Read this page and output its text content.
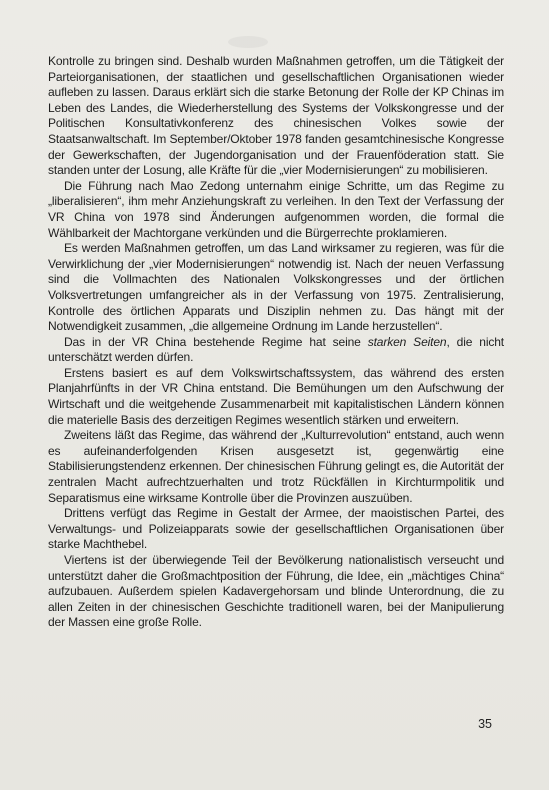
Kontrolle zu bringen sind. Deshalb wurden Maßnahmen getroffen, um die Tätigkeit der Parteiorganisationen, der staatlichen und gesellschaftlichen Organisationen wieder aufleben zu lassen. Daraus erklärt sich die starke Betonung der Rolle der KP Chinas im Leben des Landes, die Wiederherstellung des Systems der Volkskongresse und der Politischen Konsultativkonferenz des chinesischen Volkes sowie der Staatsanwaltschaft. Im September/Oktober 1978 fanden gesamtchinesische Kongresse der Gewerkschaften, der Jugendorganisation und der Frauenföderation statt. Sie standen unter der Losung, alle Kräfte für die „vier Modernisierungen“ zu mobilisieren.

Die Führung nach Mao Zedong unternahm einige Schritte, um das Regime zu „liberalisieren“, ihm mehr Anziehungskraft zu verleihen. In den Text der Verfassung der VR China von 1978 sind Änderungen aufgenommen worden, die formal die Wählbarkeit der Machtorgane verkünden und die Bürgerrechte proklamieren.

Es werden Maßnahmen getroffen, um das Land wirksamer zu regieren, was für die Verwirklichung der „vier Modernisierungen“ notwendig ist. Nach der neuen Verfassung sind die Vollmachten des Nationalen Volkskongresses und der örtlichen Volksvertretungen umfangreicher als in der Verfassung von 1975. Zentralisierung, Kontrolle des örtlichen Apparats und Disziplin nehmen zu. Das hängt mit der Notwendigkeit zusammen, „die allgemeine Ordnung im Lande herzustellen“.

Das in der VR China bestehende Regime hat seine starken Seiten, die nicht unterschätzt werden dürfen.

Erstens basiert es auf dem Volkswirtschaftssystem, das während des ersten Planjahrfünfts in der VR China entstand. Die Bemühungen um den Aufschwung der Wirtschaft und die weitgehende Zusammenarbeit mit kapitalistischen Ländern können die materielle Basis des derzeitigen Regimes wesentlich stärken und erweitern.

Zweitens läßt das Regime, das während der „Kulturrevolution“ entstand, auch wenn es aufeinanderfolgenden Krisen ausgesetzt ist, gegenwärtig eine Stabilisierungstendenz erkennen. Der chinesischen Führung gelingt es, die Autorität der zentralen Macht aufrechtzuerhalten und trotz Rückfällen in Kirchturmpolitik und Separatismus eine wirksame Kontrolle über die Provinzen auszuüben.

Drittens verfügt das Regime in Gestalt der Armee, der maoistischen Partei, des Verwaltungs- und Polizeiapparats sowie der gesellschaftlichen Organisationen über starke Machthebel.

Viertens ist der überwiegende Teil der Bevölkerung nationalistisch verseucht und unterstützt daher die Großmachtposition der Führung, die Idee, ein „mächtiges China“ aufzubauen. Außerdem spielen Kadavergehorsam und blinde Unterordnung, die zu allen Zeiten in der chinesischen Geschichte traditionell waren, bei der Manipulierung der Massen eine große Rolle.

35
